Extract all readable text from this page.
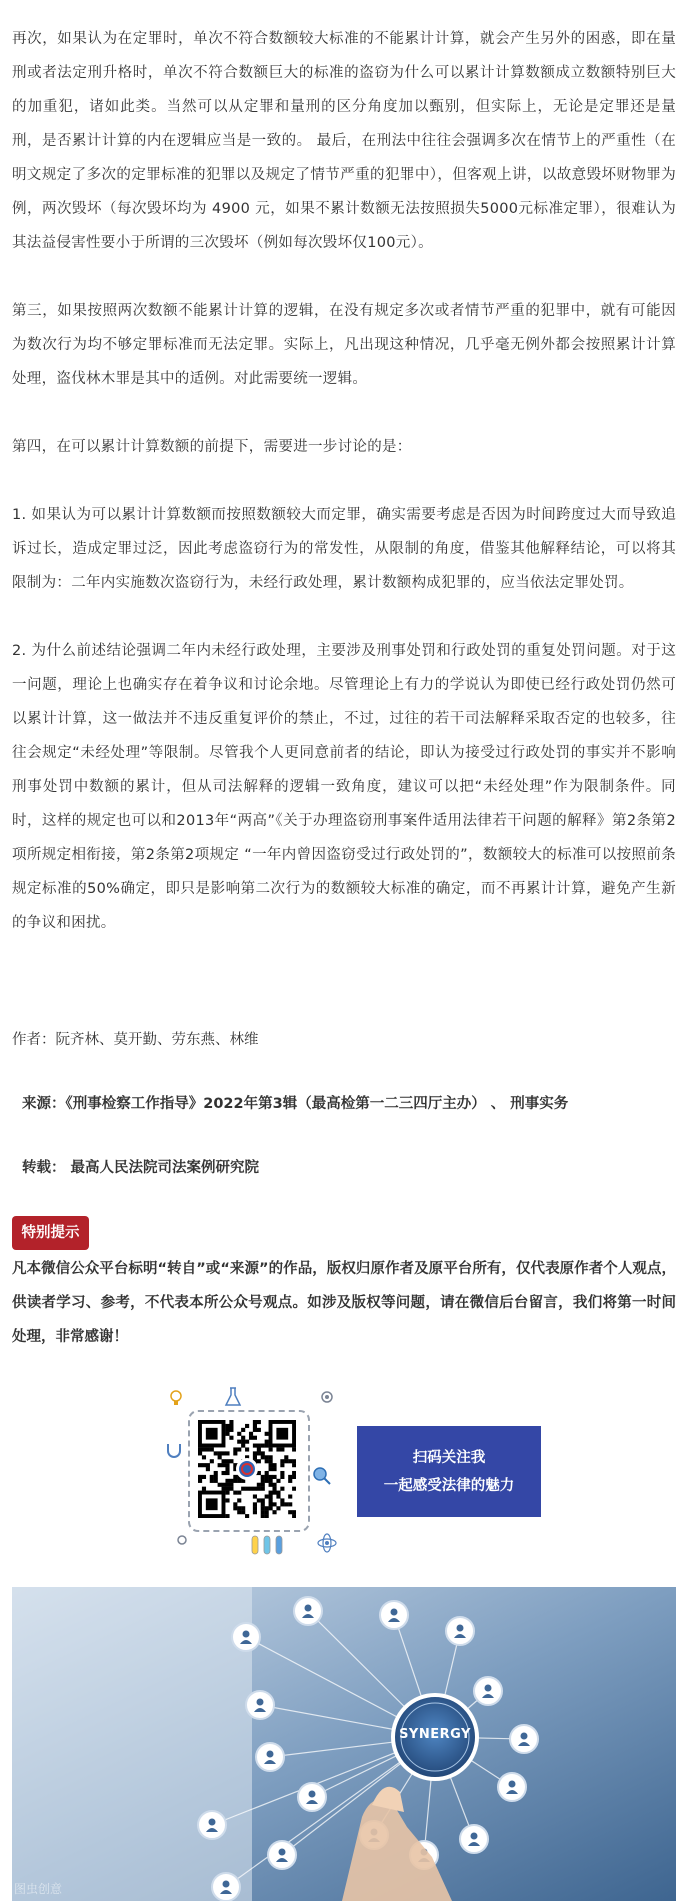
再次，如果认为在定罪时，单次不符合数额较大标准的不能累计计算，就会产生另外的困惑，即在量刑或者法定刑升格时，单次不符合数额巨大的标准的盗窃为什么可以累计计算数额成立数额特别巨大的加重犯，诸如此类。当然可以从定罪和量刑的区分角度加以甄别，但实际上，无论是定罪还是量刑，是否累计计算的内在逻辑应当是一致的。 最后，在刑法中往往会强调多次在情节上的严重性（在明文规定了多次的定罪标准的犯罪以及规定了情节严重的犯罪中），但客观上讲，以故意毁坏财物罪为例，两次毁坏（每次毁坏均为 4900 元，如果不累计数额无法按照损失5000元标准定罪），很难认为其法益侵害性要小于所谓的三次毁坏（例如每次毁坏仅100元）。

第三，如果按照两次数额不能累计计算的逻辑，在没有规定多次或者情节严重的犯罪中，就有可能因为数次行为均不够定罪标准而无法定罪。实际上，凡出现这种情况，几乎毫无例外都会按照累计计算处理，盗伐林木罪是其中的适例。对此需要统一逻辑。

第四，在可以累计计算数额的前提下，需要进一步讨论的是：

1. 如果认为可以累计计算数额而按照数额较大而定罪，确实需要考虑是否因为时间跨度过大而导致追诉过长，造成定罪过泛，因此考虑盗窃行为的常发性，从限制的角度，借鉴其他解释结论，可以将其限制为：二年内实施数次盗窃行为，未经行政处理，累计数额构成犯罪的，应当依法定罪处罚。

2. 为什么前述结论强调二年内未经行政处理，主要涉及刑事处罚和行政处罚的重复处罚问题。对于这一问题，理论上也确实存在着争议和讨论余地。尽管理论上有力的学说认为即使已经行政处罚仍然可以累计计算，这一做法并不违反重复评价的禁止，不过，过往的若干司法解释采取否定的也较多，往往会规定“未经处理”等限制。尽管我个人更同意前者的结论，即认为接受过行政处罚的事实并不影响刑事处罚中数额的累计，但从司法解释的逻辑一致角度，建议可以把“未经处理”作为限制条件。同时，这样的规定也可以和2013年“两高”《关于办理盗窃刑事案件适用法律若干问题的解释》第2条第2项所规定相衔接，第2条第2项规定 “一年内曾因盗窃受过行政处罚的”，数额较大的标准可以按照前条规定标准的50%确定，即只是影响第二次行为的数额较大标准的确定，而不再累计计算，避免产生新的争议和困扰。

作者：阮齐林、莫开勤、劳东燕、林维
来源：《刑事检察工作指导》2022年第3辑（最高检第一二三四厅主办） 、 刑事实务
转载： 最高人民法院司法案例研究院
特别提示
凡本微信公众平台标明“转自”或“来源”的作品，版权归原作者及原平台所有，仅代表原作者个人观点，供读者学习、参考，不代表本所公众号观点。如涉及版权等问题，请在微信后台留言，我们将第一时间处理，非常感谢！
扫码关注我
一起感受法律的魅力
SYNERGY
图虫创意
